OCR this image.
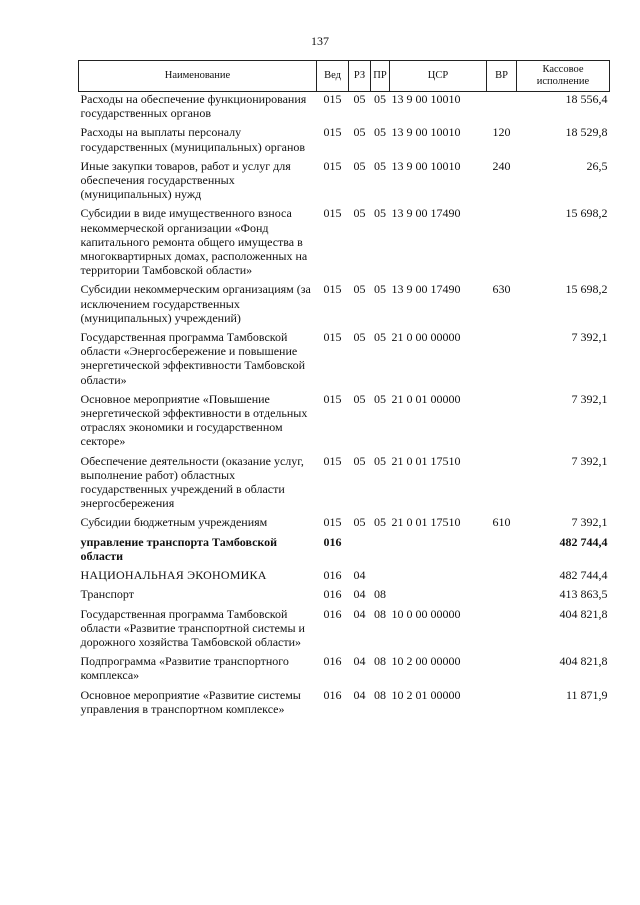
137
Наименование	Вед	РЗ	ПР	ЦСР	ВР	Кассовое исполнение
Расходы на обеспечение функционирования государственных органов	015	05	05	13 9 00 10010		18 556,4
Расходы на выплаты персоналу государственных (муниципальных) органов	015	05	05	13 9 00 10010	120	18 529,8
Иные закупки товаров, работ и услуг для обеспечения государственных (муниципальных) нужд	015	05	05	13 9 00 10010	240	26,5
Субсидии в виде имущественного взноса некоммерческой организации «Фонд капитального ремонта общего имущества в многоквартирных домах, расположенных на территории Тамбовской области»	015	05	05	13 9 00 17490		15 698,2
Субсидии некоммерческим организациям (за исключением государственных (муниципальных) учреждений)	015	05	05	13 9 00 17490	630	15 698,2
Государственная программа Тамбовской области «Энергосбережение и повышение энергетической эффективности Тамбовской области»	015	05	05	21 0 00 00000		7 392,1
Основное мероприятие «Повышение энергетической эффективности в отдельных отраслях экономики и государственном секторе»	015	05	05	21 0 01 00000		7 392,1
Обеспечение деятельности (оказание услуг, выполнение работ) областных государственных учреждений в области энергосбережения	015	05	05	21 0 01 17510		7 392,1
Субсидии бюджетным учреждениям	015	05	05	21 0 01 17510	610	7 392,1
управление транспорта Тамбовской области	016					482 744,4
НАЦИОНАЛЬНАЯ ЭКОНОМИКА	016	04				482 744,4
Транспорт	016	04	08			413 863,5
Государственная программа Тамбовской области «Развитие транспортной системы и дорожного хозяйства Тамбовской области»	016	04	08	10 0 00 00000		404 821,8
Подпрограмма «Развитие транспортного комплекса»	016	04	08	10 2 00 00000		404 821,8
Основное мероприятие «Развитие системы управления в транспортном комплексе»	016	04	08	10 2 01 00000		11 871,9
